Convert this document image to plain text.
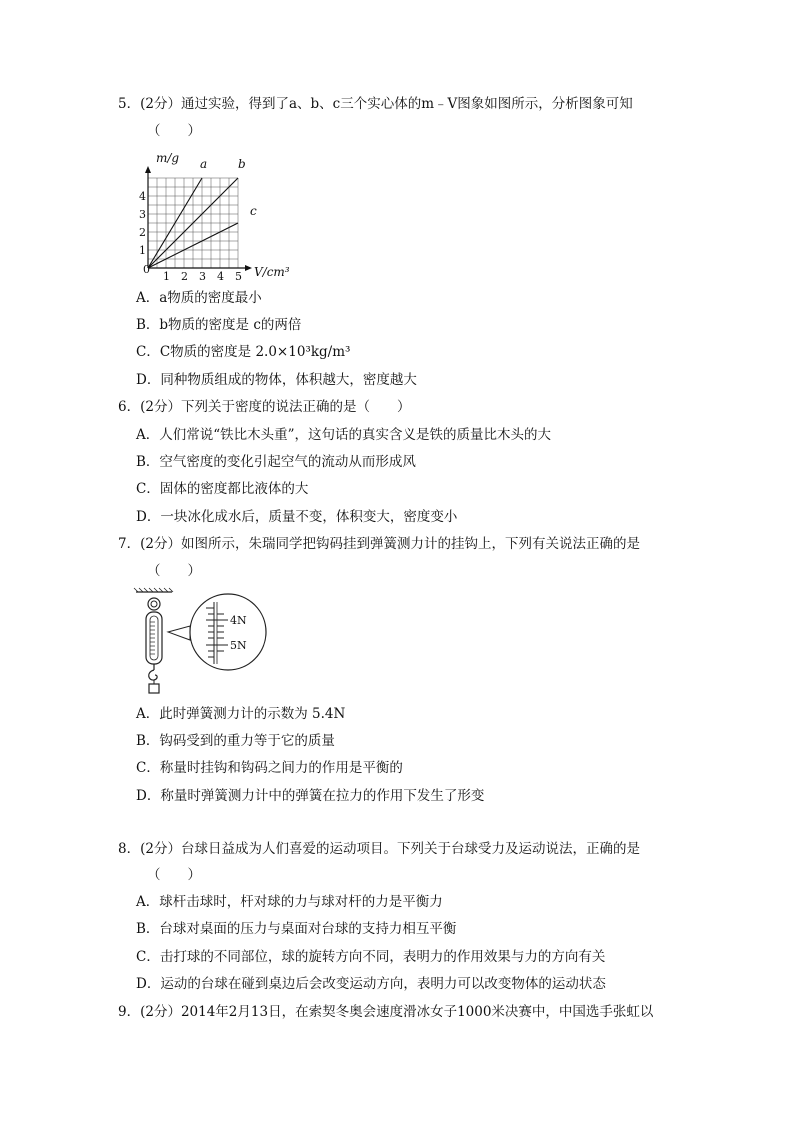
5．(2分）通过实验，得到了a、b、c三个实心体的m﹣V图象如图所示，分析图象可知
（　　）
1 2 3 4 5
1
2
3
4
m/g
V/cm³
0
a	b
c
A．a物质的密度最小
B．b物质的密度是 c的两倍
C．C物质的密度是 2.0×10³kg/m³
D．同种物质组成的物体，体积越大，密度越大
6．(2分）下列关于密度的说法正确的是（　　）
A．人们常说“铁比木头重”，这句话的真实含义是铁的质量比木头的大
B．空气密度的变化引起空气的流动从而形成风
C．固体的密度都比液体的大
D．一块冰化成水后，质量不变，体积变大，密度变小
7．(2分）如图所示，朱瑞同学把钩码挂到弹簧测力计的挂钩上，下列有关说法正确的是
（　　）
4N
5N
A．此时弹簧测力计的示数为 5.4N
B．钩码受到的重力等于它的质量
C．称量时挂钩和钩码之间力的作用是平衡的
D．称量时弹簧测力计中的弹簧在拉力的作用下发生了形变
8．(2分）台球日益成为人们喜爱的运动项目。下列关于台球受力及运动说法，正确的是
（　　）
A．球杆击球时，杆对球的力与球对杆的力是平衡力
B．台球对桌面的压力与桌面对台球的支持力相互平衡
C．击打球的不同部位，球的旋转方向不同，表明力的作用效果与力的方向有关
D．运动的台球在碰到桌边后会改变运动方向，表明力可以改变物体的运动状态
9．(2分）2014年2月13日，在索契冬奥会速度滑冰女子1000米决赛中，中国选手张虹以
